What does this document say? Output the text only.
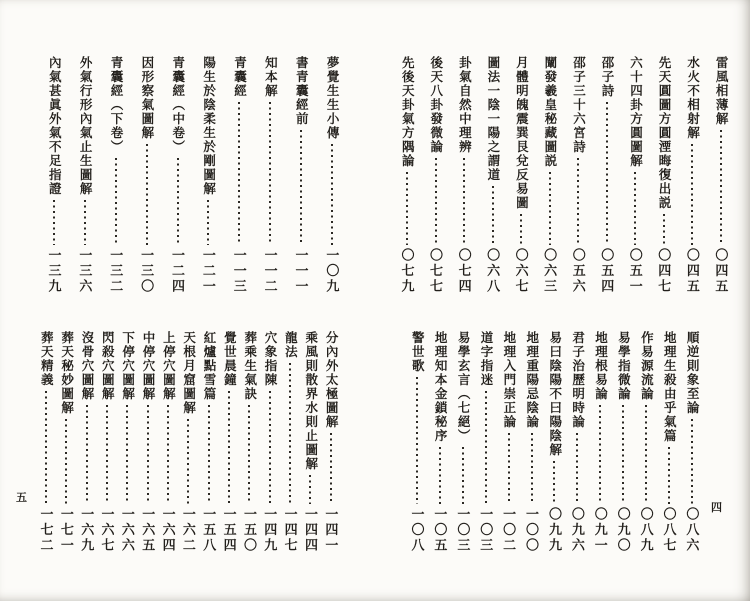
雷風相薄解
〇四五
水火不相射解
〇四五
先天圓圖方圓湮晦復出説
〇四七
六十四卦方圓圖解
〇五一
邵子詩
〇五四
邵子三十六宮詩
〇五六
闡發羲皇秘藏圖説
〇六三
月體明魄震巽艮兌反易圖
〇六七
圖法一陰一陽之謂道
〇六八
卦氣自然中理辨
〇七四
後天八卦發微論
〇七七
先後天卦氣方隅論
〇七九
夢覺生生小傳
一〇九
書青囊經前
一一一
知本解
一一二
青囊經
一一三
陽生於陰柔生於剛圖解
一二一
青囊經（中卷）
一二四
因形察氣圖解
一三〇
青囊經（下卷）
一三二
外氣行形內氣止生圖解
一三六
內氣甚眞外氣不足指證
一三九
順逆則象至論
〇八六
地理生殺由乎氣篇
〇八七
作易源流論
〇八九
易學指微論
〇九〇
地理根易論
〇九一
君子治歷明時論
〇九六
易曰陰陽不曰陽陰解
〇九九
地理重陽忌陰論
一〇〇
地理入門崇正論
一〇二
道字指迷
一〇三
易學玄言（七絕）
一〇三
地理知本金鎖秘序
一〇五
警世歌
一〇八
分內外太極圖解
一四一
乘風則散界水則止圖解
一四四
龍法
一四七
穴象指陳
一四九
葬乘生氣訣
一五〇
覺世晨鐘
一五四
紅爐點雪篇
一五八
天根月窟圖解
一六二
上停穴圖解
一六四
中停穴圖解
一六五
下停穴圖解
一六六
閃殺穴圖解
一六七
沒骨穴圖解
一六九
葬天秘妙圖解
一七一
葬天精義
一七二	四
五
